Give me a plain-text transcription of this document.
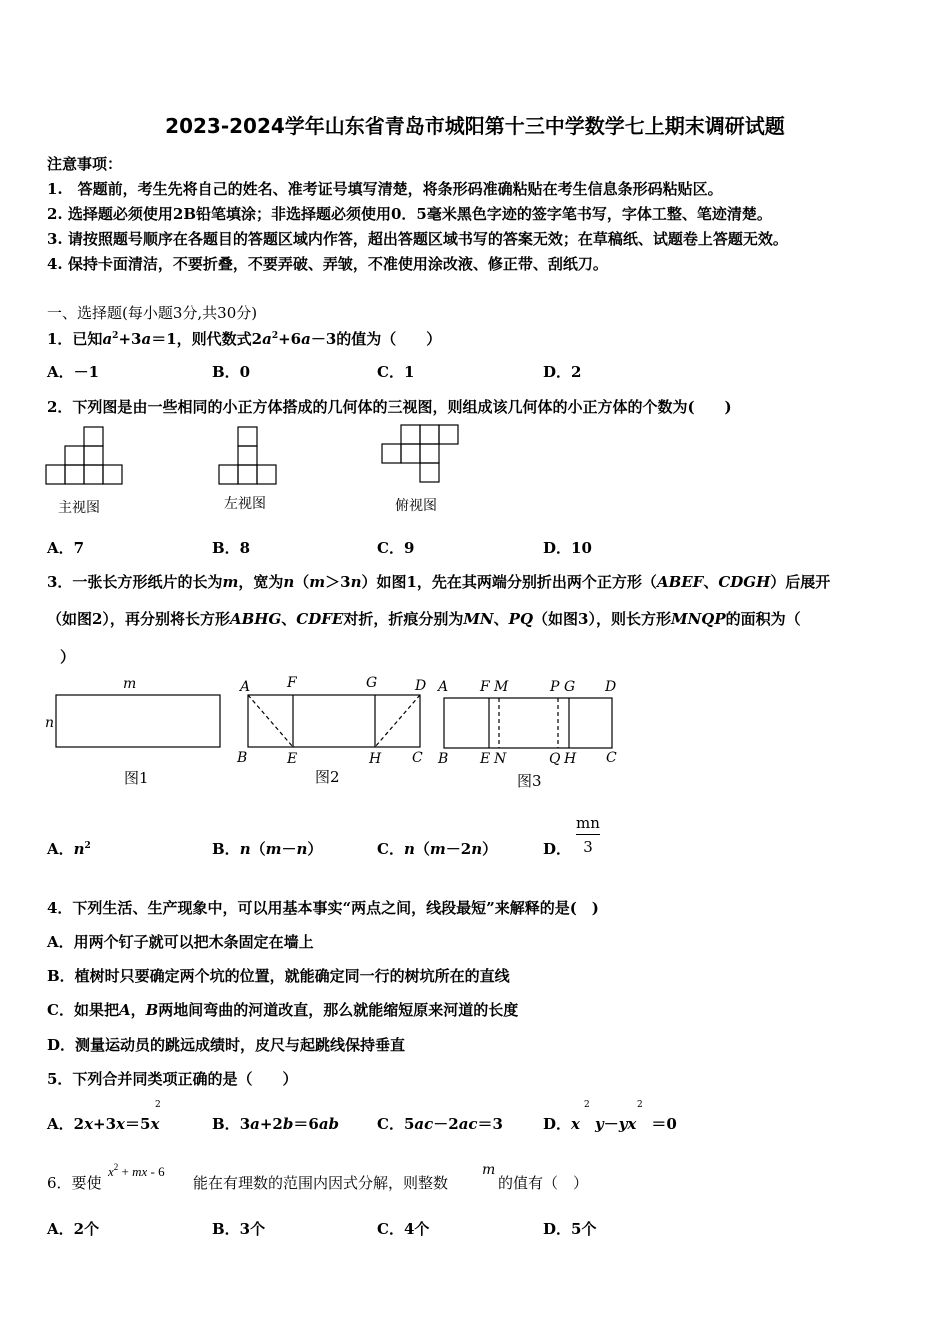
2023-2024学年山东省青岛市城阳第十三中学数学七上期末调研试题
注意事项：
1.　答题前，考生先将自己的姓名、准考证号填写清楚，将条形码准确粘贴在考生信息条形码粘贴区。
2. 选择题必须使用2B铅笔填涂；非选择题必须使用0．5毫米黑色字迹的签字笔书写，字体工整、笔迹清楚。
3. 请按照题号顺序在各题目的答题区域内作答，超出答题区域书写的答案无效；在草稿纸、试题卷上答题无效。
4. 保持卡面清洁，不要折叠，不要弄破、弄皱，不准使用涂改液、修正带、刮纸刀。
一、选择题(每小题3分,共30分)
1．已知$a^2+3a=1$，则代数式$2a^2+6a-3$的值为（　　）
A．－1	B．0	C．1	D．2
2．下列图是由一些相同的小正方体搭成的几何体的三视图，则组成该几何体的小正方体的个数为(　　)
主视图	左视图	俯视图
A．7	B．8	C．9	D．10
3．一张长方形纸片的长为m，宽为n（m＞3n）如图1，先在其两端分别折出两个正方形（ABEF、CDGH）后展开
（如图2），再分别将长方形ABHG、CDFE对折，折痕分别为MN、PQ（如图3），则长方形MNQP的面积为（
）
m
n
A	F	G	D
B	E	H C
A F M	P G D
B E N	Q H C
图1	图2	图3
A．$n^2$	B．n（m－n）	C．n（m－2n）	D．
mn
3
4．下列生活、生产现象中，可以用基本事实“两点之间，线段最短”来解释的是(　)
A．用两个钉子就可以把木条固定在墙上
B．植树时只要确定两个坑的位置，就能确定同一行的树坑所在的直线
C．如果把A，B两地间弯曲的河道改直，那么就能缩短原来河道的长度
D．测量运动员的跳远成绩时，皮尺与起跳线保持垂直
5．下列合并同类项正确的是（　　）
A．2x+3x＝5x
2
B．3a+2b＝6ab	C．5ac－2ac＝3	D．x   y－yx  ＝0
2	2
6．要使
$x^2$ + mx - 6
能在有理数的范围内因式分解，则整数
m
的值有（　）
A．2个	B．3个	C．4个	D．5个
